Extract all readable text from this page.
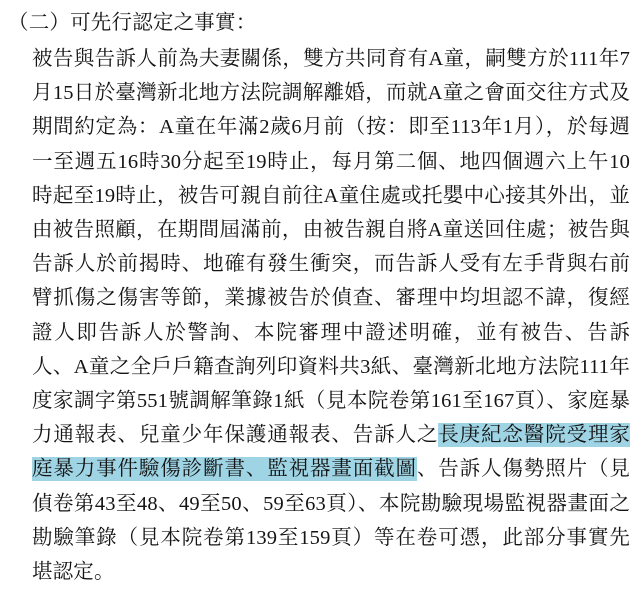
（二）可先行認定之事實：
被告與告訴人前為夫妻關係，雙方共同育有A童，嗣雙方於111年7月15日於臺灣新北地方法院調解離婚，而就A童之會面交往方式及期間約定為：A童在年滿2歲6月前（按：即至113年1月），於每週一至週五16時30分起至19時止，每月第二個、地四個週六上午10時起至19時止，被告可親自前往A童住處或托嬰中心接其外出，並由被告照顧，在期間屆滿前，由被告親自將A童送回住處；被告與告訴人於前揭時、地確有發生衝突，而告訴人受有左手背與右前臂抓傷之傷害等節，業據被告於偵查、審理中均坦認不諱，復經證人即告訴人於警詢、本院審理中證述明確，並有被告、告訴人、A童之全戶戶籍查詢列印資料共3紙、臺灣新北地方法院111年度家調字第551號調解筆錄1紙（見本院卷第161至167頁）、家庭暴力通報表、兒童少年保護通報表、告訴人之長庚紀念醫院受理家庭暴力事件驗傷診斷書、監視器畫面截圖、告訴人傷勢照片（見偵卷第43至48、49至50、59至63頁）、本院勘驗現場監視器畫面之勘驗筆錄（見本院卷第139至159頁）等在卷可憑，此部分事實先堪認定。
